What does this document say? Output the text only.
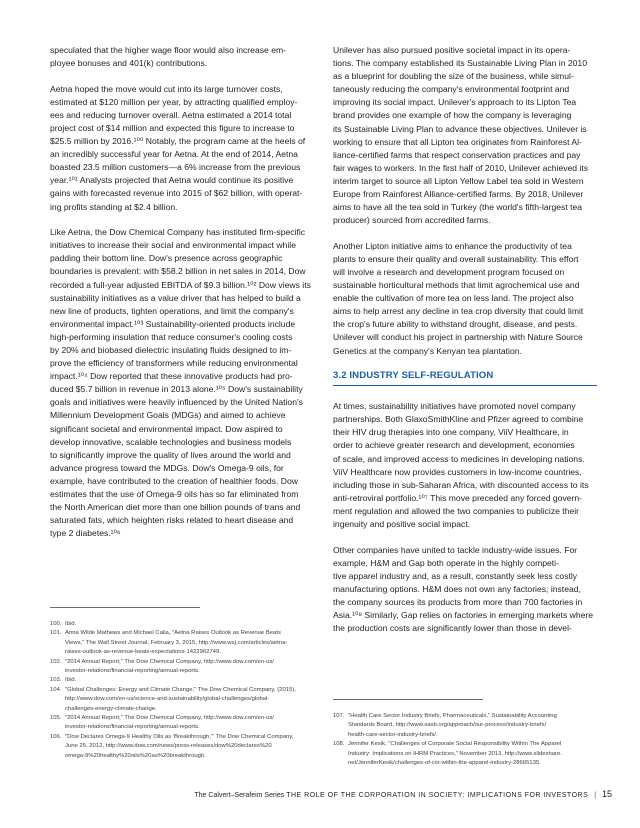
speculated that the higher wage floor would also increase em-
ployee bonuses and 401(k) contributions.

Aetna hoped the move would cut into its large turnover costs,
estimated at $120 million per year, by attracting qualified employ-
ees and reducing turnover overall. Aetna estimated a 2014 total
project cost of $14 million and expected this figure to increase to
$25.5 million by 2016.¹⁰⁰ Notably, the program came at the heels of
an incredibly successful year for Aetna. At the end of 2014, Aetna
boasted 23.5 million customers—a 6% increase from the previous
year.¹⁰¹ Analysts projected that Aetna would continue its positive
gains with forecasted revenue into 2015 of $62 billion, with operat-
ing profits standing at $2.4 billion.

Like Aetna, the Dow Chemical Company has instituted firm-specific
initiatives to increase their social and environmental impact while
padding their bottom line. Dow's presence across geographic
boundaries is prevalent: with $58.2 billion in net sales in 2014, Dow
recorded a full-year adjusted EBITDA of $9.3 billion.¹⁰² Dow views its
sustainability initiatives as a value driver that has helped to build a
new line of products, tighten operations, and limit the company's
environmental impact.¹⁰³ Sustainability-oriented products include
high-performing insulation that reduce consumer's cooling costs
by 20% and biobased dielectric insulating fluids designed to im-
prove the efficiency of transformers while reducing environmental
impact.¹⁰⁴ Dow reported that these innovative products had pro-
duced $5.7 billion in revenue in 2013 alone.¹⁰⁵ Dow's sustainability
goals and initiatives were heavily influenced by the United Nation's
Millennium Development Goals (MDGs) and aimed to achieve
significant societal and environmental impact. Dow aspired to
develop innovative, scalable technologies and business models
to significantly improve the quality of lives around the world and
advance progress toward the MDGs. Dow's Omega-9 oils, for
example, have contributed to the creation of healthier foods. Dow
estimates that the use of Omega-9 oils has so far eliminated from
the North American diet more than one billion pounds of trans and
saturated fats, which heighten risks related to heart disease and
type 2 diabetes.¹⁰⁶

100. Ibid.
101. Anna Wilde Mathews and Michael Calia, "Aetna Raises Outlook as Revenue Beats
Views," The Wall Street Journal, February 3, 2015, http://www.wsj.com/articles/aetna-
raises-outlook-as-revenue-beats-expectations-1422962749.
102. "2014 Annual Report," The Dow Chemical Company, http://www.dow.com/en-us/
investor-relations/financial-reporting/annual-reports.
103. Ibid.
104. "Global Challenges: Energy and Climate Change," The Dow Chemical Company, (2015),
http://www.dow.com/en-us/science-and-sustainability/global-challenges/global-
challenges-energy-climate-change.
105. "2014 Annual Report," The Dow Chemical Company, http://www.dow.com/en-us/
investor-relations/financial-reporting/annual-reports.
106. "Dow Declares Omega-9 Healthy Oils as 'Breakthrough,'" The Dow Chemical Company,
June 25, 2012, http://www.dow.com/news/press-releases/dow%20declares%20
omega-9%20healthy%20oils%20as%20breakthrough.

Unilever has also pursued positive societal impact in its opera-
tions. The company established its Sustainable Living Plan in 2010
as a blueprint for doubling the size of the business, while simul-
taneously reducing the company's environmental footprint and
improving its social impact. Unilever's approach to its Lipton Tea
brand provides one example of how the company is leveraging
its Sustainable Living Plan to advance these objectives. Unilever is
working to ensure that all Lipton tea originates from Rainforest Al-
liance-certified farms that respect conservation practices and pay
fair wages to workers. In the first half of 2010, Unilever achieved its
interim target to source all Lipton Yellow Label tea sold in Western
Europe from Rainforest Alliance-certified farms. By 2018, Unilever
aims to have all the tea sold in Turkey (the world's fifth-largest tea
producer) sourced from accredited farms.

Another Lipton initiative aims to enhance the productivity of tea
plants to ensure their quality and overall sustainability. This effort
will involve a research and development program focused on
sustainable horticultural methods that limit agrochemical use and
enable the cultivation of more tea on less land. The project also
aims to help arrest any decline in tea crop diversity that could limit
the crop's future ability to withstand drought, disease, and pests.
Unilever will conduct his project in partnership with Nature Source
Genetics at the company's Kenyan tea plantation.

3.2 INDUSTRY SELF-REGULATION

At times, sustainability initiatives have promoted novel company
partnerships. Both GlaxoSmithKline and Pfizer agreed to combine
their HIV drug therapies into one company, ViiV Healthcare, in
order to achieve greater research and development, economies
of scale, and improved access to medicines in developing nations.
ViiV Healthcare now provides customers in low-income countries,
including those in sub-Saharan Africa, with discounted access to its
anti-retroviral portfolio.¹⁰⁷ This move preceded any forced govern-
ment regulation and allowed the two companies to publicize their
ingenuity and positive social impact.

Other companies have united to tackle industry-wide issues. For
example, H&M and Gap both operate in the highly competi-
tive apparel industry and, as a result, constantly seek less costly
manufacturing options. H&M does not own any factories; instead,
the company sources its products from more than 700 factories in
Asia.¹⁰⁸ Similarly, Gap relies on factories in emerging markets where
the production costs are significantly lower than those in devel-

107. "Health Care Sector Industry Briefs, Pharmaceuticals," Sustainability Accounting
Standards Board, http://www.sasb.org/approach/our-process/industry-briefs/
health-care-sector-industry-briefs/.
108. Jennifer Kesik, "Challenges of Corporate Social Responsibility Within The Apparel
Industry: Implications on IHRM Practices," November 2013, http://www.slideshare.
net/JenniferKesik/challenges-of-csr-within-the-apparel-industry-28665135.
The Calvert–Serafeim Series THE ROLE OF THE CORPORATION IN SOCIETY: IMPLICATIONS FOR INVESTORS | 15
